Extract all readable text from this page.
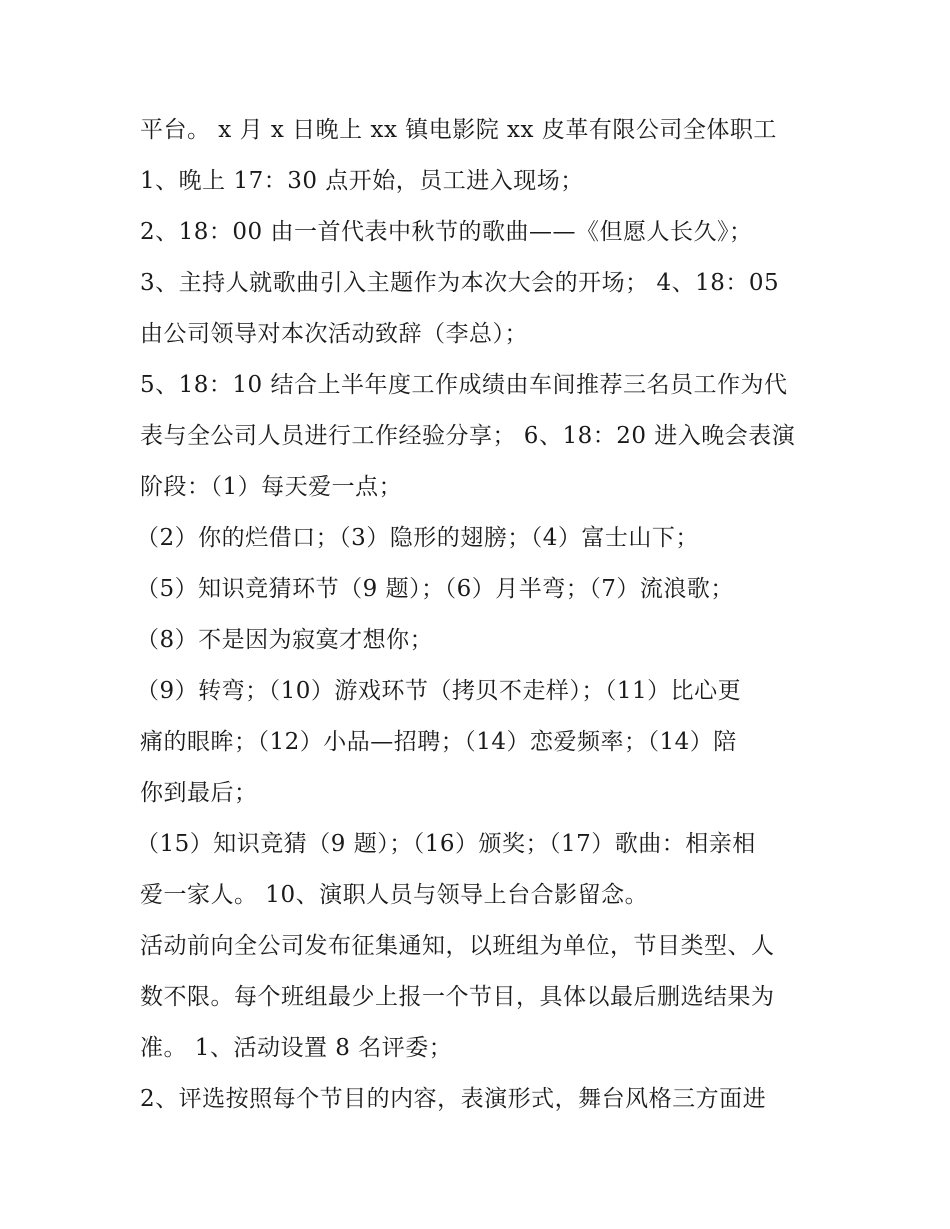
平台。 x 月 x 日晚上 xx 镇电影院 xx 皮革有限公司全体职工
1、晚上 17：30 点开始，员工进入现场；
2、18：00 由一首代表中秋节的歌曲——《但愿人长久》；
3、主持人就歌曲引入主题作为本次大会的开场； 4、18：05
由公司领导对本次活动致辞（李总）；
5、18：10 结合上半年度工作成绩由车间推荐三名员工作为代
表与全公司人员进行工作经验分享； 6、18：20 进入晚会表演
阶段：（1）每天爱一点；
（2）你的烂借口；（3）隐形的翅膀；（4）富士山下；
（5）知识竞猜环节（9 题）；（6）月半弯；（7）流浪歌；
（8）不是因为寂寞才想你；
（9）转弯；（10）游戏环节（拷贝不走样）；（11）比心更
痛的眼眸；（12）小品—招聘；（14）恋爱频率；（14）陪
你到最后；
（15）知识竞猜（9 题）；（16）颁奖；（17）歌曲：相亲相
爱一家人。 10、演职人员与领导上台合影留念。
活动前向全公司发布征集通知，以班组为单位，节目类型、人
数不限。每个班组最少上报一个节目，具体以最后删选结果为
准。 1、活动设置 8 名评委；
2、评选按照每个节目的内容，表演形式，舞台风格三方面进
